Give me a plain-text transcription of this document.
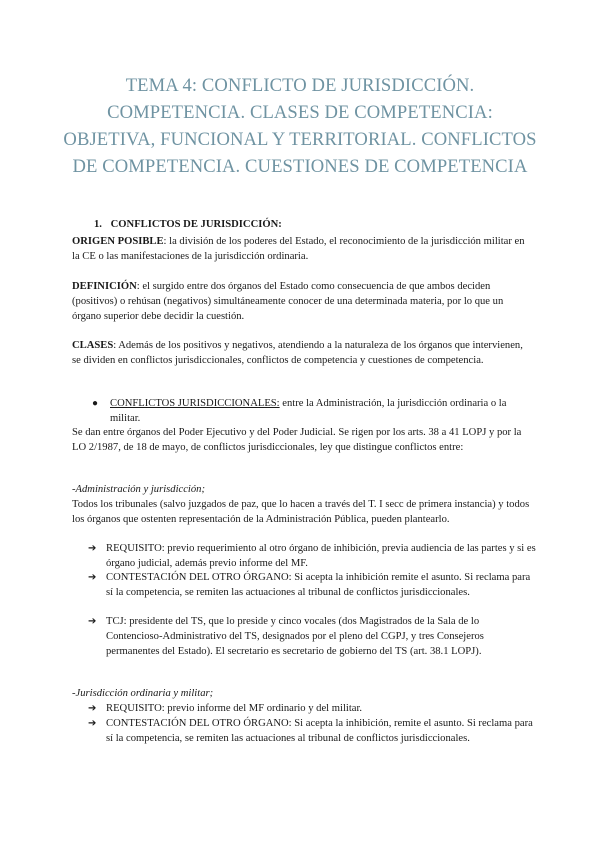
TEMA 4: CONFLICTO DE JURISDICCIÓN. COMPETENCIA. CLASES DE COMPETENCIA: OBJETIVA, FUNCIONAL Y TERRITORIAL. CONFLICTOS DE COMPETENCIA. CUESTIONES DE COMPETENCIA
1. CONFLICTOS DE JURISDICCIÓN:
ORIGEN POSIBLE: la división de los poderes del Estado, el reconocimiento de la jurisdicción militar en la CE o las manifestaciones de la jurisdicción ordinaria.
DEFINICIÓN: el surgido entre dos órganos del Estado como consecuencia de que ambos deciden (positivos) o rehúsan (negativos) simultáneamente conocer de una determinada materia, por lo que un órgano superior debe decidir la cuestión.
CLASES: Además de los positivos y negativos, atendiendo a la naturaleza de los órganos que intervienen, se dividen en conflictos jurisdiccionales, conflictos de competencia y cuestiones de competencia.
● CONFLICTOS JURISDICCIONALES: entre la Administración, la jurisdicción ordinaria o la militar.
Se dan entre órganos del Poder Ejecutivo y del Poder Judicial. Se rigen por los arts. 38 a 41 LOPJ y por la LO 2/1987, de 18 de mayo, de conflictos jurisdiccionales, ley que distingue conflictos entre:
-Administración y jurisdicción;
Todos los tribunales (salvo juzgados de paz, que lo hacen a través del T. I secc de primera instancia) y todos los órganos que ostenten representación de la Administración Pública, pueden plantearlo.
➔ REQUISITO: previo requerimiento al otro órgano de inhibición, previa audiencia de las partes y si es órgano judicial, además previo informe del MF.
➔ CONTESTACIÓN DEL OTRO ÓRGANO: Si acepta la inhibición remite el asunto. Si reclama para sí la competencia, se remiten las actuaciones al tribunal de conflictos jurisdiccionales.
➔ TCJ: presidente del TS, que lo preside y cinco vocales (dos Magistrados de la Sala de lo Contencioso-Administrativo del TS, designados por el pleno del CGPJ, y tres Consejeros permanentes del Estado). El secretario es secretario de gobierno del TS (art. 38.1 LOPJ).
-Jurisdicción ordinaria y militar;
➔ REQUISITO: previo informe del MF ordinario y del militar.
➔ CONTESTACIÓN DEL OTRO ÓRGANO: Si acepta la inhibición, remite el asunto. Si reclama para sí la competencia, se remiten las actuaciones al tribunal de conflictos jurisdiccionales.
